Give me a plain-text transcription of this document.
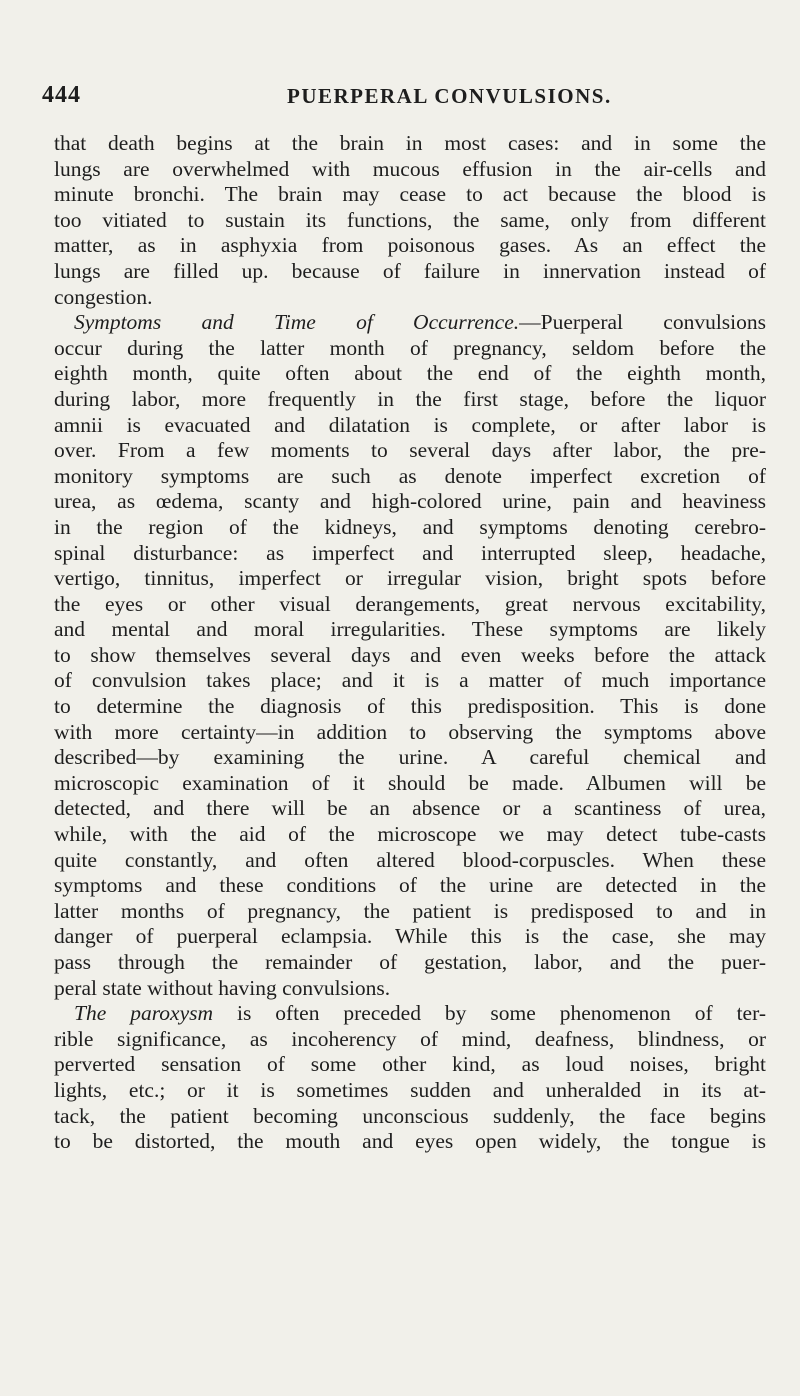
444	PUERPERAL CONVULSIONS.
that death begins at the brain in most cases: and in some the
lungs are overwhelmed with mucous effusion in the air-cells and
minute bronchi. The brain may cease to act because the blood is
too vitiated to sustain its functions, the same, only from different
matter, as in asphyxia from poisonous gases. As an effect the
lungs are filled up. because of failure in innervation instead of
congestion.
Symptoms and Time of Occurrence.—Puerperal convulsions
occur during the latter month of pregnancy, seldom before the
eighth month, quite often about the end of the eighth month,
during labor, more frequently in the first stage, before the liquor
amnii is evacuated and dilatation is complete, or after labor is
over. From a few moments to several days after labor, the pre-
monitory symptoms are such as denote imperfect excretion of
urea, as œdema, scanty and high-colored urine, pain and heaviness
in the region of the kidneys, and symptoms denoting cerebro-
spinal disturbance: as imperfect and interrupted sleep, headache,
vertigo, tinnitus, imperfect or irregular vision, bright spots before
the eyes or other visual derangements, great nervous excitability,
and mental and moral irregularities. These symptoms are likely
to show themselves several days and even weeks before the attack
of convulsion takes place; and it is a matter of much importance
to determine the diagnosis of this predisposition. This is done
with more certainty—in addition to observing the symptoms above
described—by examining the urine. A careful chemical and
microscopic examination of it should be made. Albumen will be
detected, and there will be an absence or a scantiness of urea,
while, with the aid of the microscope we may detect tube-casts
quite constantly, and often altered blood-corpuscles. When these
symptoms and these conditions of the urine are detected in the
latter months of pregnancy, the patient is predisposed to and in
danger of puerperal eclampsia. While this is the case, she may
pass through the remainder of gestation, labor, and the puer-
peral state without having convulsions.
The paroxysm is often preceded by some phenomenon of ter-
rible significance, as incoherency of mind, deafness, blindness, or
perverted sensation of some other kind, as loud noises, bright
lights, etc.; or it is sometimes sudden and unheralded in its at-
tack, the patient becoming unconscious suddenly, the face begins
to be distorted, the mouth and eyes open widely, the tongue is
